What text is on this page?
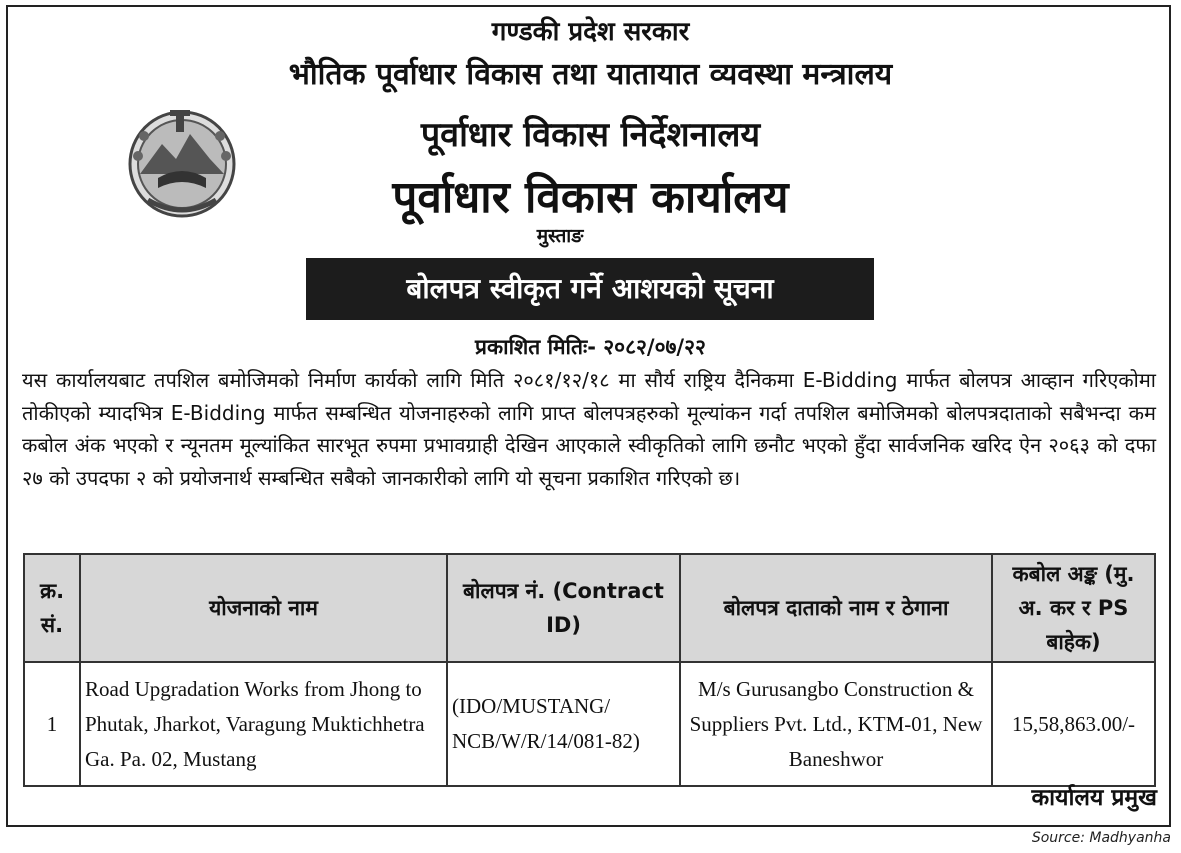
गण्डकी प्रदेश सरकार
भौतिक पूर्वाधार विकास तथा यातायात व्यवस्था मन्त्रालय
पूर्वाधार विकास निर्देशनालय
पूर्वाधार विकास कार्यालय
मुस्ताङ
बोलपत्र स्वीकृत गर्ने आशयको सूचना
प्रकाशित मितिः- २०८२/०७/२२
यस कार्यालयबाट तपशिल बमोजिमको निर्माण कार्यको लागि मिति २०८१/१२/१८ मा सौर्य राष्ट्रिय दैनिकमा E-Bidding मार्फत बोलपत्र आव्हान गरिएकोमा तोकीएको म्यादभित्र E-Bidding मार्फत सम्बन्धित योजनाहरुको लागि प्राप्त बोलपत्रहरुको मूल्यांकन गर्दा तपशिल बमोजिमको बोलपत्रदाताको सबैभन्दा कम कबोल अंक भएको र न्यूनतम मूल्यांकित सारभूत रुपमा प्रभावग्राही देखिन आएकाले स्वीकृतिको लागि छनौट भएको हुँदा सार्वजनिक खरिद ऐन २०६३ को दफा २७ को उपदफा २ को प्रयोजनार्थ सम्बन्धित सबैको जानकारीको लागि यो सूचना प्रकाशित गरिएको छ।
क्र. सं.	योजनाको नाम	बोलपत्र नं. (Contract ID)	बोलपत्र दाताको नाम र ठेगाना	कबोल अङ्क (मु. अ. कर र PS बाहेक)
1	Road Upgradation Works from Jhong to Phutak, Jharkot, Varagung Muktichhetra Ga. Pa. 02, Mustang	(IDO/MUSTANG/ NCB/W/R/14/081-82)	M/s Gurusangbo Construction & Suppliers Pvt. Ltd., KTM-01, New Baneshwor	15,58,863.00/-
कार्यालय प्रमुख
Source: Madhyanha
